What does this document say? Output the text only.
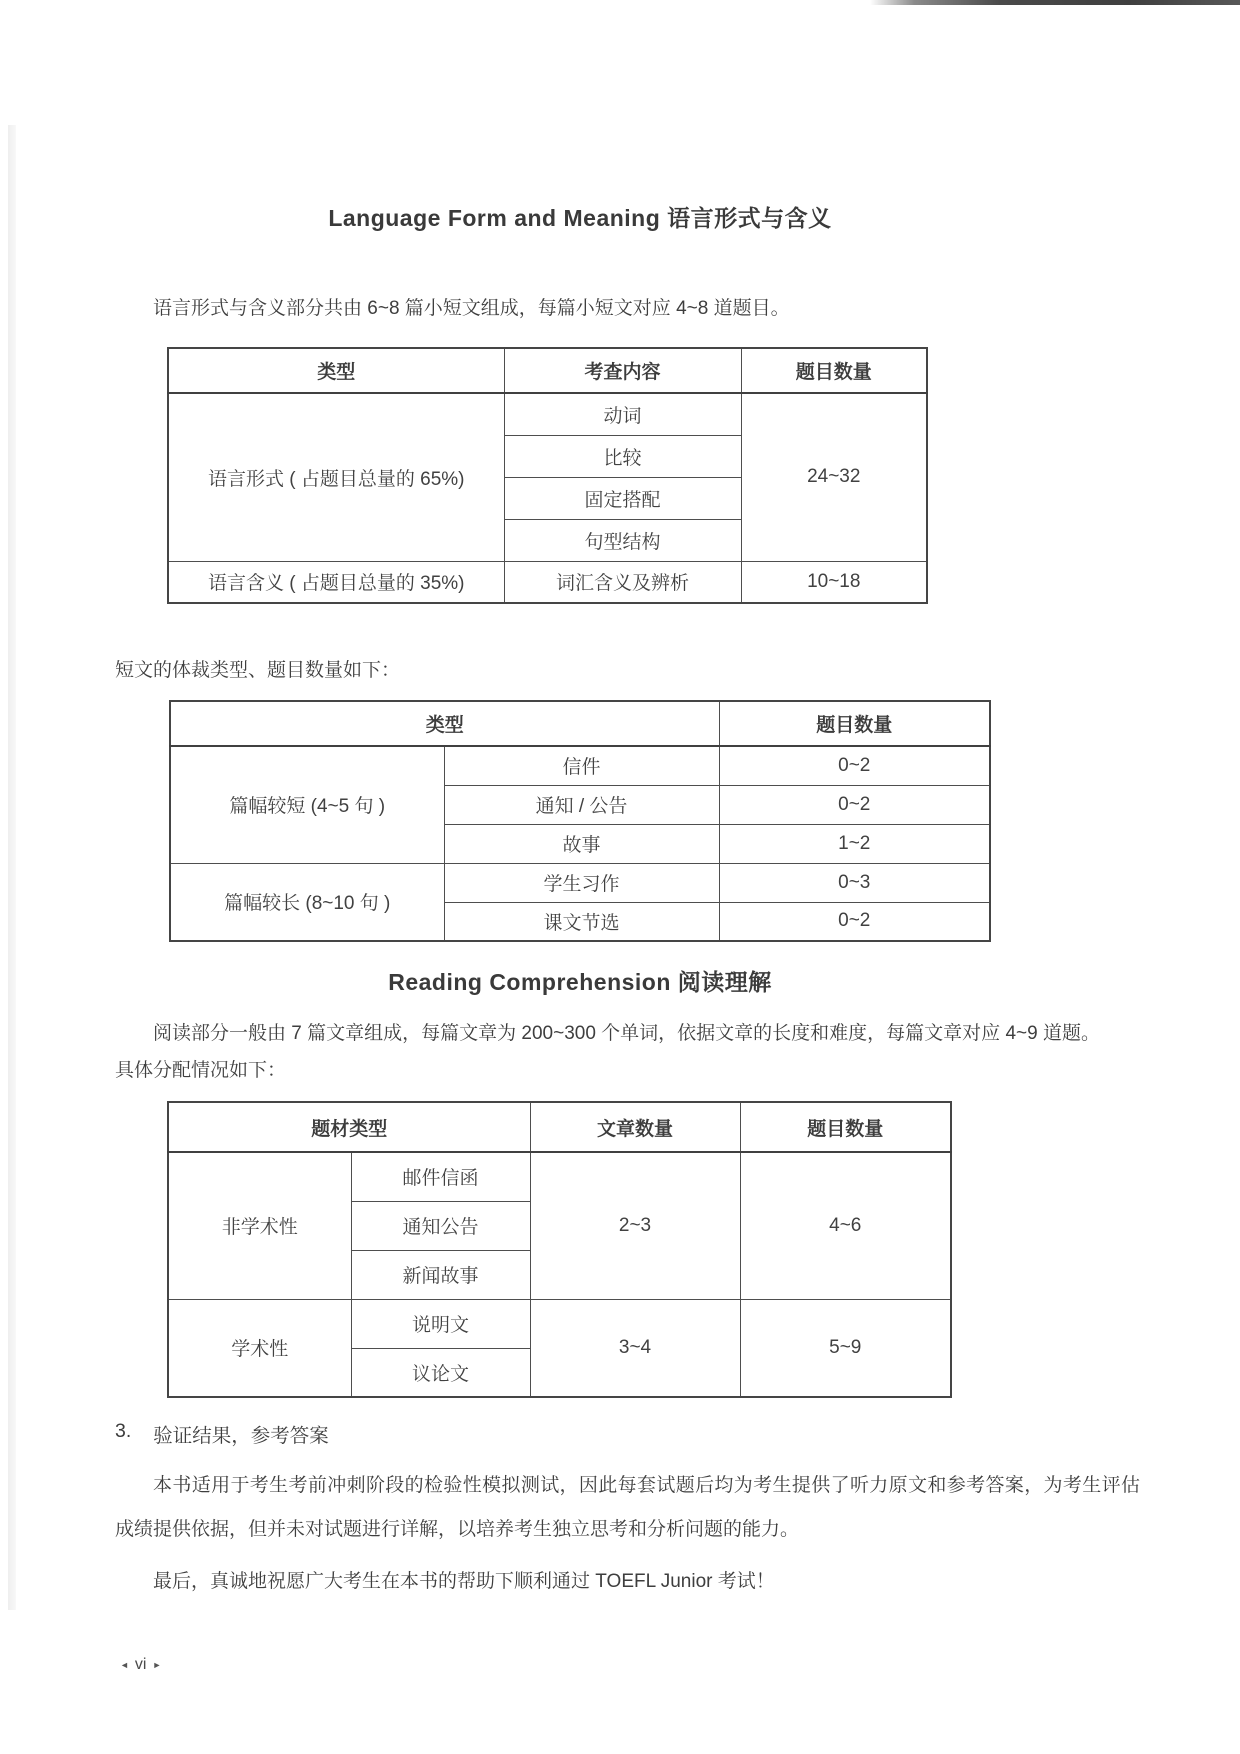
Language Form and Meaning 语言形式与含义

语言形式与含义部分共由 6~8 篇小短文组成，每篇小短文对应 4~8 道题目。

类型	考查内容	题目数量
语言形式 ( 占题目总量的 65%)	动词	24~32
	比较	
	固定搭配	
	句型结构	
语言含义 ( 占题目总量的 35%)	词汇含义及辨析	10~18

短文的体裁类型、题目数量如下：

类型		题目数量
篇幅较短 (4~5 句 )	信件	0~2
	通知 / 公告	0~2
	故事	1~2
篇幅较长 (8~10 句 )	学生习作	0~3
	课文节选	0~2
Reading Comprehension 阅读理解

阅读部分一般由 7 篇文章组成，每篇文章为 200~300 个单词，依据文章的长度和难度，每篇文章对应 4~9 道题。

具体分配情况如下：

题材类型		文章数量	题目数量
非学术性	邮件信函	2~3	4~6
	通知公告		
	新闻故事		
学术性	说明文	3~4	5~9
	议论文		
3. 验证结果，参考答案

本书适用于考生考前冲刺阶段的检验性模拟测试，因此每套试题后均为考生提供了听力原文和参考答案，为考生评估成绩提供依据，但并未对试题进行详解，以培养考生独立思考和分析问题的能力。

最后，真诚地祝愿广大考生在本书的帮助下顺利通过 TOEFL Junior 考试！

◄ vi ►
